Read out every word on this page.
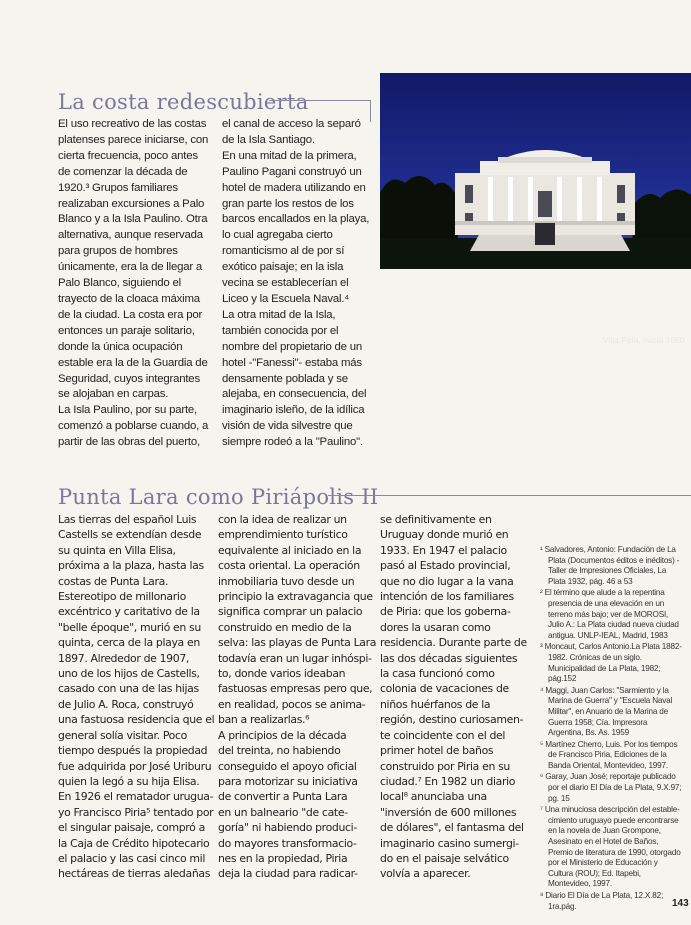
La costa redescubierta

El uso recreativo de las costas

platenses parece iniciarse, con

cierta frecuencia, poco antes

de comenzar la década de

1920.³ Grupos familiares

realizaban excursiones a Palo

Blanco y a la Isla Paulino. Otra

alternativa, aunque reservada

para grupos de hombres

únicamente, era la de llegar a

Palo Blanco, siguiendo el

trayecto de la cloaca máxima

de la ciudad. La costa era por

entonces un paraje solitario,

donde la única ocupación

estable era la de la Guardia de

Seguridad, cuyos integrantes

se alojaban en carpas.

La Isla Paulino, por su parte,

comenzó a poblarse cuando, a

partir de las obras del puerto,

el canal de acceso la separó

de la Isla Santiago.

En una mitad de la primera,

Paulino Pagani construyó un

hotel de madera utilizando en

gran parte los restos de los

barcos encallados en la playa,

lo cual agregaba cierto

romanticismo al de por sí

exótico paisaje; en la isla

vecina se establecerían el

Liceo y la Escuela Naval.⁴

La otra mitad de la Isla,

también conocida por el

nombre del propietario de un

hotel -"Fanessi"- estaba más

densamente poblada y se

alejaba, en consecuencia, del

imaginario isleño, de la idílica

visión de vida silvestre que

siempre rodeó a la "Paulino".

Villa Piria, hacia 1980.
Punta Lara como Piriápolis II

Las tierras del español Luis

Castells se extendían desde

su quinta en Villa Elisa,

próxima a la plaza, hasta las

costas de Punta Lara.

Estereotipo de millonario

excéntrico y caritativo de la

"belle époque", murió en su

quinta, cerca de la playa en

1897. Alrededor de 1907,

uno de los hijos de Castells,

casado con una de las hijas

de Julio A. Roca, construyó

una fastuosa residencia que el

general solía visitar. Poco

tiempo después la propiedad

fue adquirida por José Uriburu

quien la legó a su hija Elisa.

En 1926 el rematador urugua-

yo Francisco Piria⁵ tentado por

el singular paisaje, compró a

la Caja de Crédito hipotecario

el palacio y las casi cinco mil

hectáreas de tierras aledañas

con la idea de realizar un

emprendimiento turístico

equivalente al iniciado en la

costa oriental. La operación

inmobiliaria tuvo desde un

principio la extravagancia que

significa comprar un palacio

construido en medio de la

selva: las playas de Punta Lara

todavía eran un lugar inhóspi-

to, donde varios ideaban

fastuosas empresas pero que,

en realidad, pocos se anima-

ban a realizarlas.⁶

A principios de la década

del treinta, no habiendo

conseguido el apoyo oficial

para motorizar su iniciativa

de convertir a Punta Lara

en un balneario "de cate-

goría" ni habiendo produci-

do mayores transformacio-

nes en la propiedad, Piria

deja la ciudad para radicar-

se definitivamente en

Uruguay donde murió en

1933. En 1947 el palacio

pasó al Estado provincial,

que no dio lugar a la vana

intención de los familiares

de Piria: que los goberna-

dores la usaran como

residencia. Durante parte de

las dos décadas siguientes

la casa funcionó como

colonia de vacaciones de

niños huérfanos de la

región, destino curiosamen-

te coincidente con el del

primer hotel de baños

construido por Piria en su

ciudad.⁷ En 1982 un diario

local⁸ anunciaba una

"inversión de 600 millones

de dólares", el fantasma del

imaginario casino sumergi-

do en el paisaje selvático

volvía a aparecer.

¹ Salvadores, Antonio: Fundación de La Plata (Documentos éditos e inéditos) - Taller de Impresiones Oficiales, La Plata 1932, pág. 46 a 53

² El término que alude a la repentina presencia de una elevación en un terreno más bajo; ver de MOROSI, Julio A.: La Plata ciudad nueva ciudad antigua. UNLP-IEAL, Madrid, 1983

³ Moncaut, Carlos Antonio.La Plata 1882-1982. Crónicas de un siglo. Municipalidad de La Plata, 1982; pág.152

⁴ Maggi, Juan Carlos: "Sarmiento y la Marina de Guerra" y "Escuela Naval Militar", en Anuario de la Marina de Guerra 1958; Cía. Impresora Argentina, Bs. As. 1959

⁵ Martínez Cherro, Luis. Por los tiempos de Francisco Piria, Ediciones de la Banda Oriental, Montevideo, 1997.

⁶ Garay, Juan José; reportaje publicado por el diario El Día de La Plata, 9.X.97; pg. 15

⁷ Una minuciosa descripción del estable- cimiento uruguayo puede encontrarse en la novela de Juan Grompone, Asesinato en el Hotel de Baños, Premio de literatura de 1990, otorgado por el Ministerio de Educación y Cultura (ROU); Ed. Itapebi, Montevideo, 1997.

⁸ Diario El Día de La Plata, 12.X.82; 1ra.pág.	143
